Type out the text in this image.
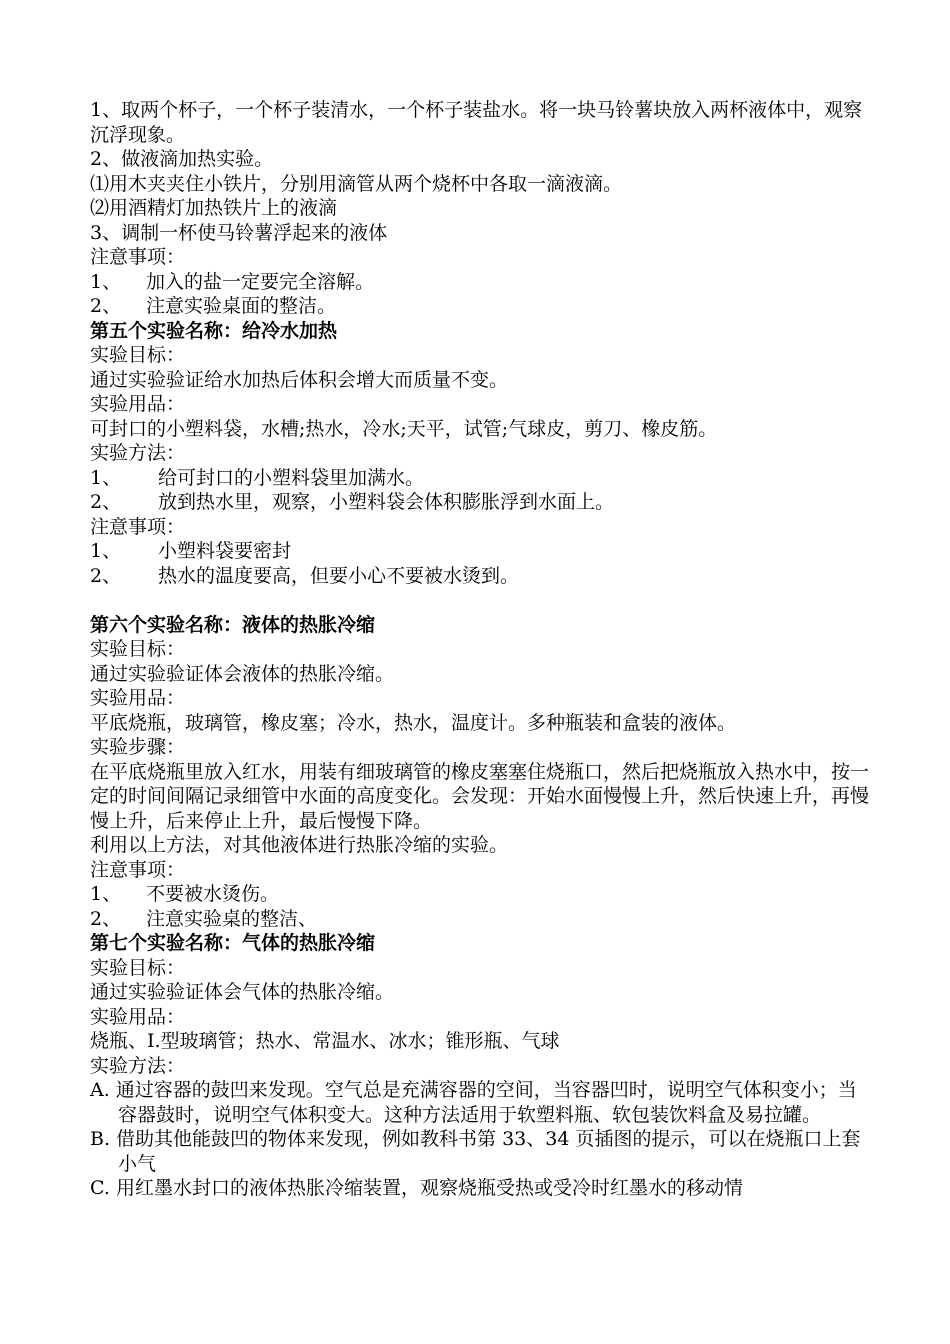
1、取两个杯子，一个杯子装清水，一个杯子装盐水。将一块马铃薯块放入两杯液体中，观察沉浮现象。
2、做液滴加热实验。
⑴用木夹夹住小铁片，分别用滴管从两个烧杯中各取一滴液滴。
⑵用酒精灯加热铁片上的液滴
3、调制一杯使马铃薯浮起来的液体
注意事项：
1、 加入的盐一定要完全溶解。
2、 注意实验桌面的整洁。
第五个实验名称：给冷水加热
实验目标：
通过实验验证给水加热后体积会增大而质量不变。
实验用品：
可封口的小塑料袋，水槽;热水，冷水;天平，试管;气球皮，剪刀、橡皮筋。
实验方法：
1、 给可封口的小塑料袋里加满水。
2、 放到热水里，观察，小塑料袋会体积膨胀浮到水面上。
注意事项：
1、 小塑料袋要密封
2、 热水的温度要高，但要小心不要被水烫到。
第六个实验名称：液体的热胀冷缩
实验目标：
通过实验验证体会液体的热胀冷缩。
实验用品：
平底烧瓶，玻璃管，橡皮塞；冷水，热水，温度计。多种瓶装和盒装的液体。
实验步骤：
在平底烧瓶里放入红水，用装有细玻璃管的橡皮塞塞住烧瓶口，然后把烧瓶放入热水中，按一定的时间间隔记录细管中水面的高度变化。会发现：开始水面慢慢上升，然后快速上升，再慢慢上升，后来停止上升，最后慢慢下降。
利用以上方法，对其他液体进行热胀冷缩的实验。
注意事项：
1、 不要被水烫伤。
2、 注意实验桌的整洁、
第七个实验名称：气体的热胀冷缩
实验目标：
通过实验验证体会气体的热胀冷缩。
实验用品：
烧瓶、I.型玻璃管；热水、常温水、冰水；锥形瓶、气球
实验方法：
A. 通过容器的鼓凹来发现。空气总是充满容器的空间，当容器凹时，说明空气体积变小；当容器鼓时，说明空气体积变大。这种方法适用于软塑料瓶、软包装饮料盒及易拉罐。
B. 借助其他能鼓凹的物体来发现，例如教科书第 33、34 页插图的提示，可以在烧瓶口上套小气
C. 用红墨水封口的液体热胀冷缩装置，观察烧瓶受热或受冷时红墨水的移动情
